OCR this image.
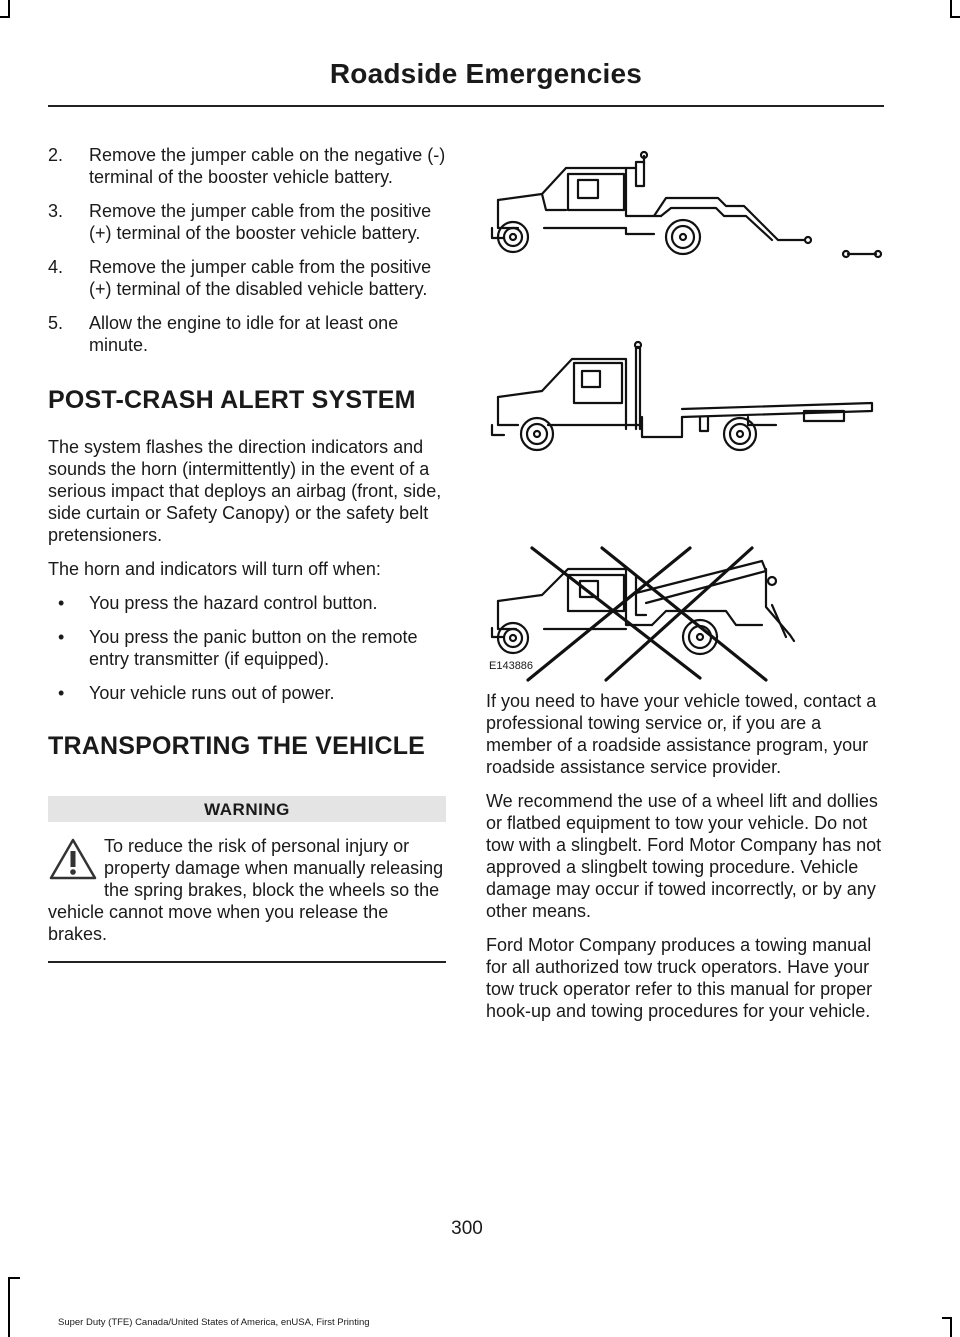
Roadside Emergencies
2. Remove the jumper cable on the negative (-) terminal of the booster vehicle battery.
3. Remove the jumper cable from the positive (+) terminal of the booster vehicle battery.
4. Remove the jumper cable from the positive (+) terminal of the disabled vehicle battery.
5. Allow the engine to idle for at least one minute.
POST-CRASH ALERT SYSTEM

The system flashes the direction indicators and sounds the horn (intermittently) in the event of a serious impact that deploys an airbag (front, side, side curtain or Safety Canopy) or the safety belt pretensioners.

The horn and indicators will turn off when:

• You press the hazard control button.
• You press the panic button on the remote entry transmitter (if equipped).
• Your vehicle runs out of power.
TRANSPORTING THE VEHICLE
WARNING
To reduce the risk of personal injury or property damage when manually releasing the spring brakes, block the wheels so the vehicle cannot move when you release the brakes.
E143886

If you need to have your vehicle towed, contact a professional towing service or, if you are a member of a roadside assistance program, your roadside assistance service provider.

We recommend the use of a wheel lift and dollies or flatbed equipment to tow your vehicle. Do not tow with a slingbelt. Ford Motor Company has not approved a slingbelt towing procedure. Vehicle damage may occur if towed incorrectly, or by any other means.

Ford Motor Company produces a towing manual for all authorized tow truck operators. Have your tow truck operator refer to this manual for proper hook-up and towing procedures for your vehicle.

300
Super Duty (TFE) Canada/United States of America, enUSA, First Printing
